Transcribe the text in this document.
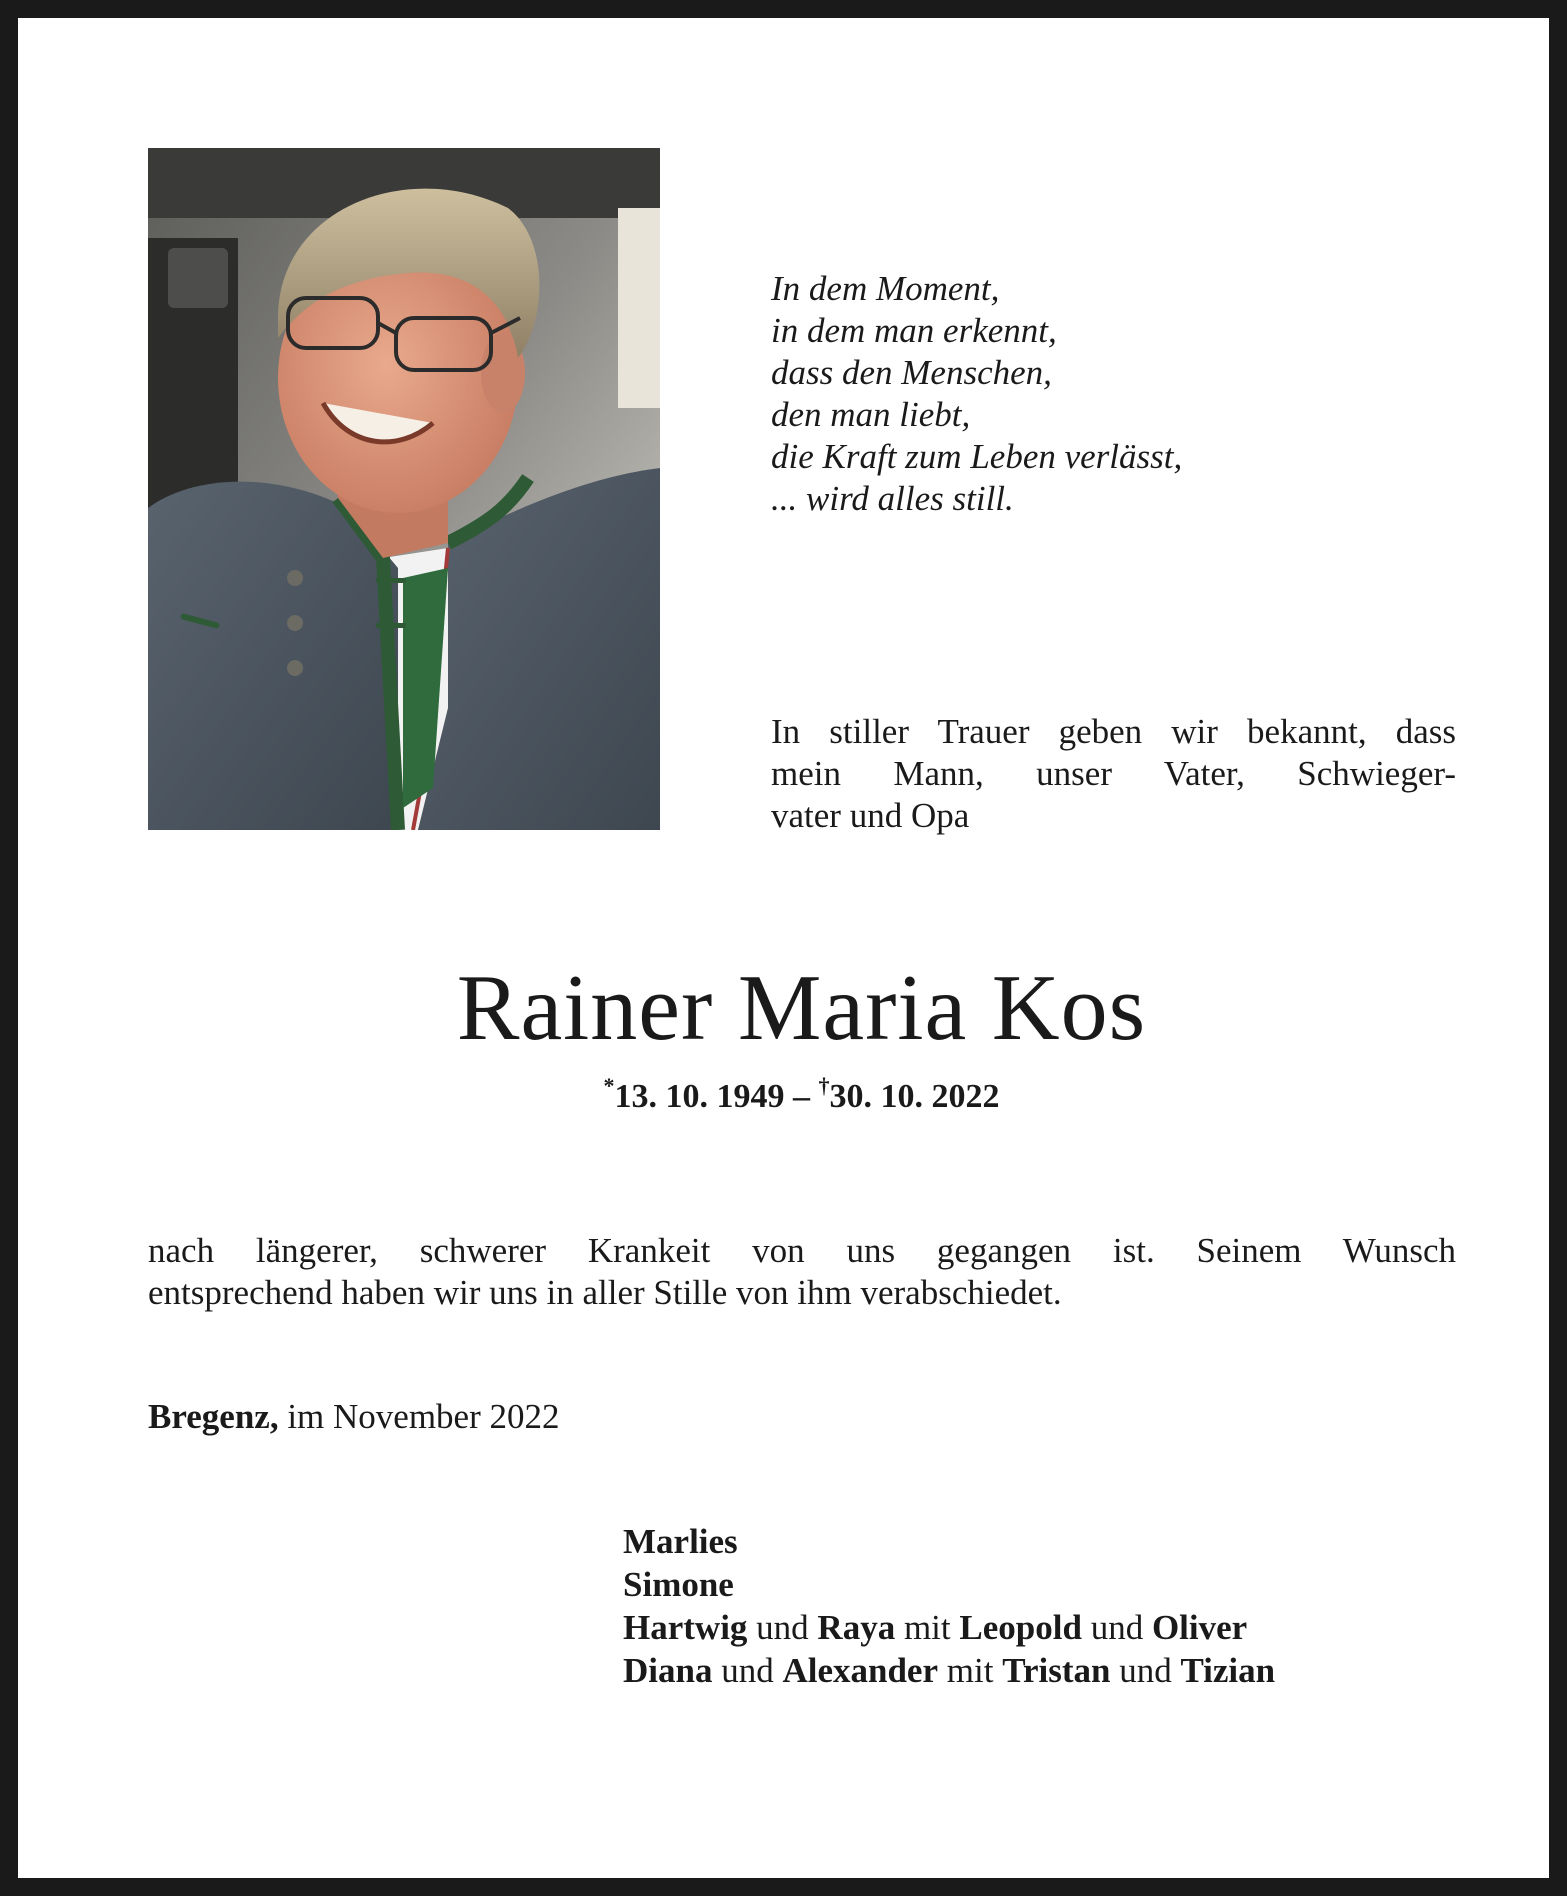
In dem Moment,
in dem man erkennt,
dass den Menschen,
den man liebt,
die Kraft zum Leben verlässt,
... wird alles still.
In stiller Trauer geben wir bekannt, dass
mein Mann, unser Vater, Schwieger-
vater und Opa
Rainer Maria Kos
*13. 10. 1949 – †30. 10. 2022
nach längerer, schwerer Krankeit von uns gegangen ist. Seinem Wunsch
entsprechend haben wir uns in aller Stille von ihm verabschiedet.
Bregenz, im November 2022
Marlies
Simone
Hartwig und Raya mit Leopold und Oliver
Diana und Alexander mit Tristan und Tizian
